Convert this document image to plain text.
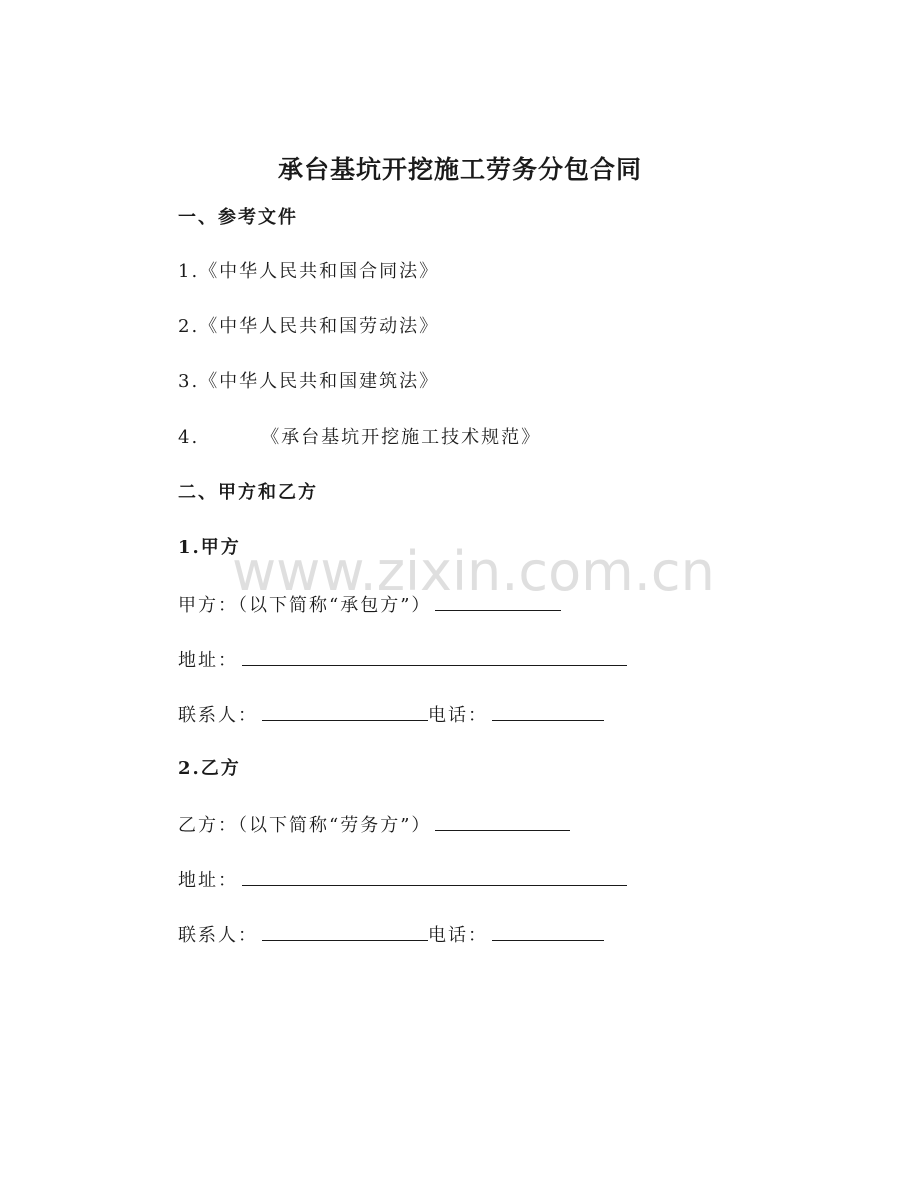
承台基坑开挖施工劳务分包合同
一、参考文件
1.《中华人民共和国合同法》
2.《中华人民共和国劳动法》
3.《中华人民共和国建筑法》
4.	《承台基坑开挖施工技术规范》
二、甲方和乙方
1.甲方
甲方：（以下简称“承包方”）
地址：
联系人：	电话：
2.乙方
乙方：（以下简称“劳务方”）
地址：
联系人：	电话：
www.zixin.com.cn
